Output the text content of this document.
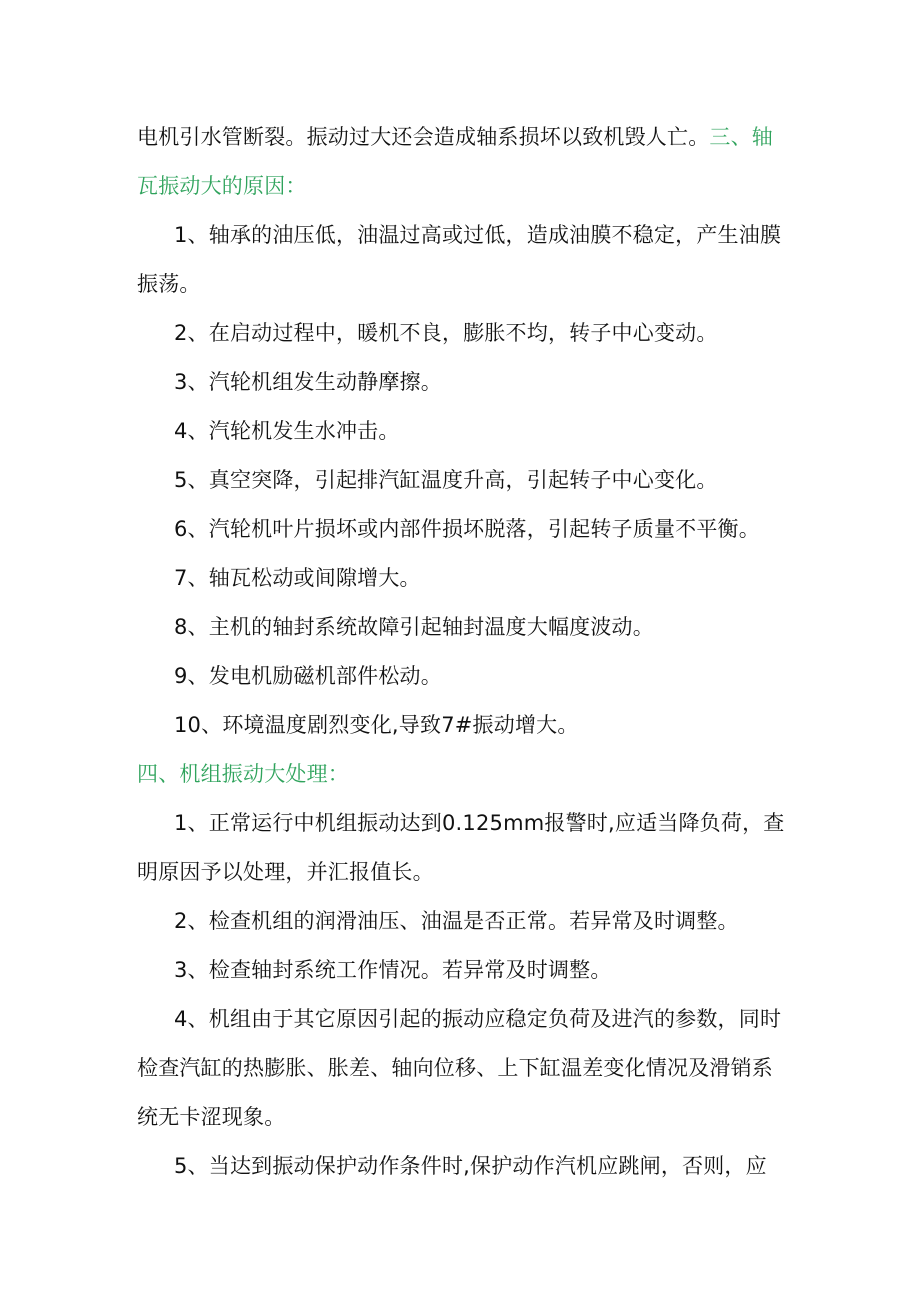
电机引水管断裂。振动过大还会造成轴系损坏以致机毁人亡。三、轴
瓦振动大的原因：
1、轴承的油压低，油温过高或过低，造成油膜不稳定，产生油膜
振荡。
2、在启动过程中，暖机不良，膨胀不均，转子中心变动。
3、汽轮机组发生动静摩擦。
4、汽轮机发生水冲击。
5、真空突降，引起排汽缸温度升高，引起转子中心变化。
6、汽轮机叶片损坏或内部件损坏脱落，引起转子质量不平衡。
7、轴瓦松动或间隙增大。
8、主机的轴封系统故障引起轴封温度大幅度波动。
9、发电机励磁机部件松动。
10、环境温度剧烈变化,导致7#振动增大。
四、机组振动大处理：
1、正常运行中机组振动达到0.125mm报警时,应适当降负荷，查
明原因予以处理，并汇报值长。
2、检查机组的润滑油压、油温是否正常。若异常及时调整。
3、检查轴封系统工作情况。若异常及时调整。
4、机组由于其它原因引起的振动应稳定负荷及进汽的参数，同时
检查汽缸的热膨胀、胀差、轴向位移、上下缸温差变化情况及滑销系
统无卡涩现象。
5、当达到振动保护动作条件时,保护动作汽机应跳闸，否则，应
